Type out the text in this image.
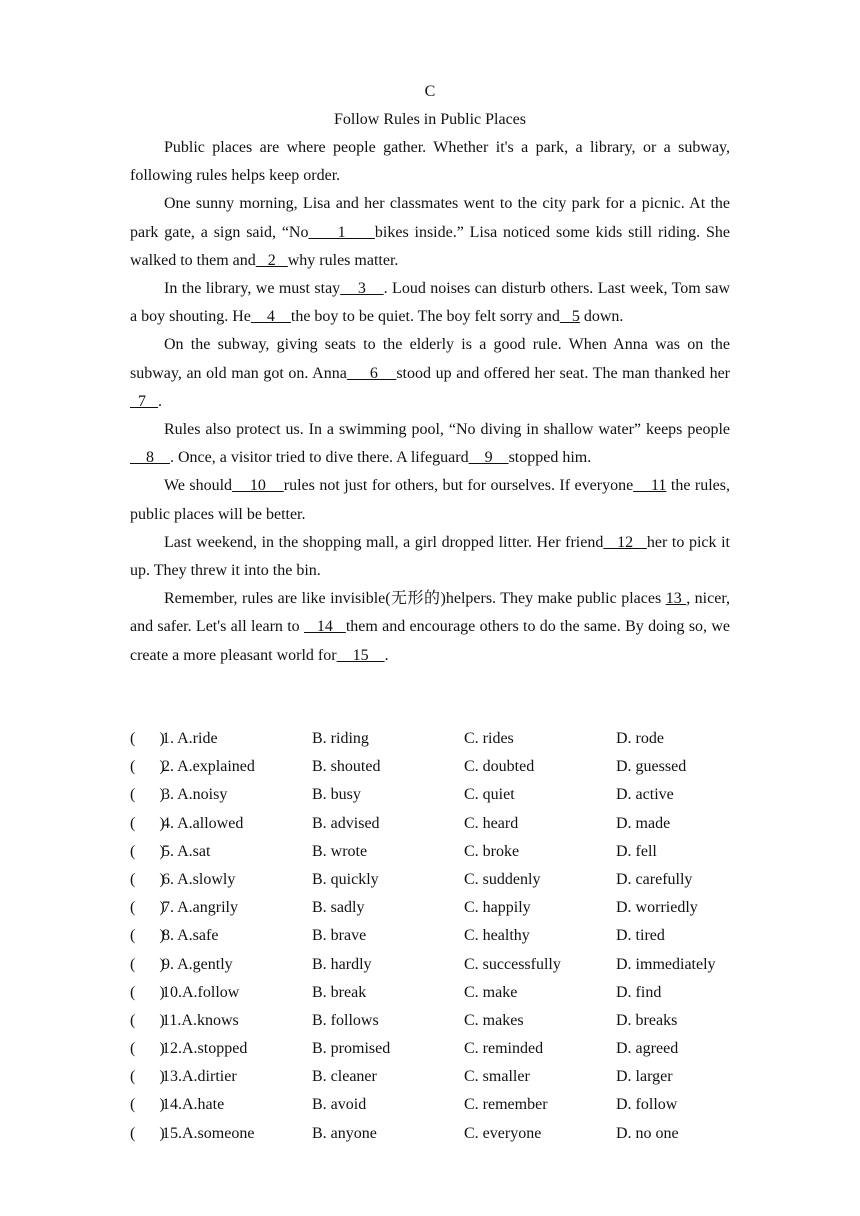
C
Follow Rules in Public Places

Public places are where people gather. Whether it's a park, a library, or a subway, following rules helps keep order.

One sunny morning, Lisa and her classmates went to the city park for a picnic. At the park gate, a sign said, “No     1     bikes inside.” Lisa noticed some kids still riding. She walked to them and   2   why rules matter.

In the library, we must stay    3    . Loud noises can disturb others. Last week, Tom saw a boy shouting. He    4    the boy to be quiet. The boy felt sorry and   5 down.

On the subway, giving seats to the elderly is a good rule. When Anna was on the subway, an old man got on. Anna     6    stood up and offered her seat. The man thanked her   7   .

Rules also protect us. In a swimming pool, “No diving in shallow water” keeps people    8    . Once, a visitor tried to dive there. A lifeguard    9    stopped him.

We should    10    rules not just for others, but for ourselves. If everyone    11 the rules, public places will be better.

Last weekend, in the shopping mall, a girl dropped litter. Her friend   12   her to pick it up. They threw it into the bin.

Remember, rules are like invisible(无形的)helpers. They make public places 13 , nicer, and safer. Let's all learn to    14   them and encourage others to do the same. By doing so, we create a more pleasant world for    15    .

(      )
1. A.ride	B. riding	C. rides	D. rode
(      )
2. A.explained	B. shouted	C. doubted	D. guessed
(      )
3. A.noisy	B. busy	C. quiet	D. active
(      )
4. A.allowed	B. advised	C. heard	D. made
(      )
5. A.sat	B. wrote	C. broke	D. fell
(      )
6. A.slowly	B. quickly	C. suddenly	D. carefully
(      )
7. A.angrily	B. sadly	C. happily	D. worriedly
(      )
8. A.safe	B. brave	C. healthy	D. tired
(      )
9. A.gently	B. hardly	C. successfully	D. immediately
(      )
10.A.follow	B. break	C. make	D. find
(      )
11.A.knows	B. follows	C. makes	D. breaks
(      )
12.A.stopped	B. promised	C. reminded	D. agreed
(      )
13.A.dirtier	B. cleaner	C. smaller	D. larger
(      )
14.A.hate	B. avoid	C. remember	D. follow
(      )
15.A.someone	B. anyone	C. everyone	D. no one
